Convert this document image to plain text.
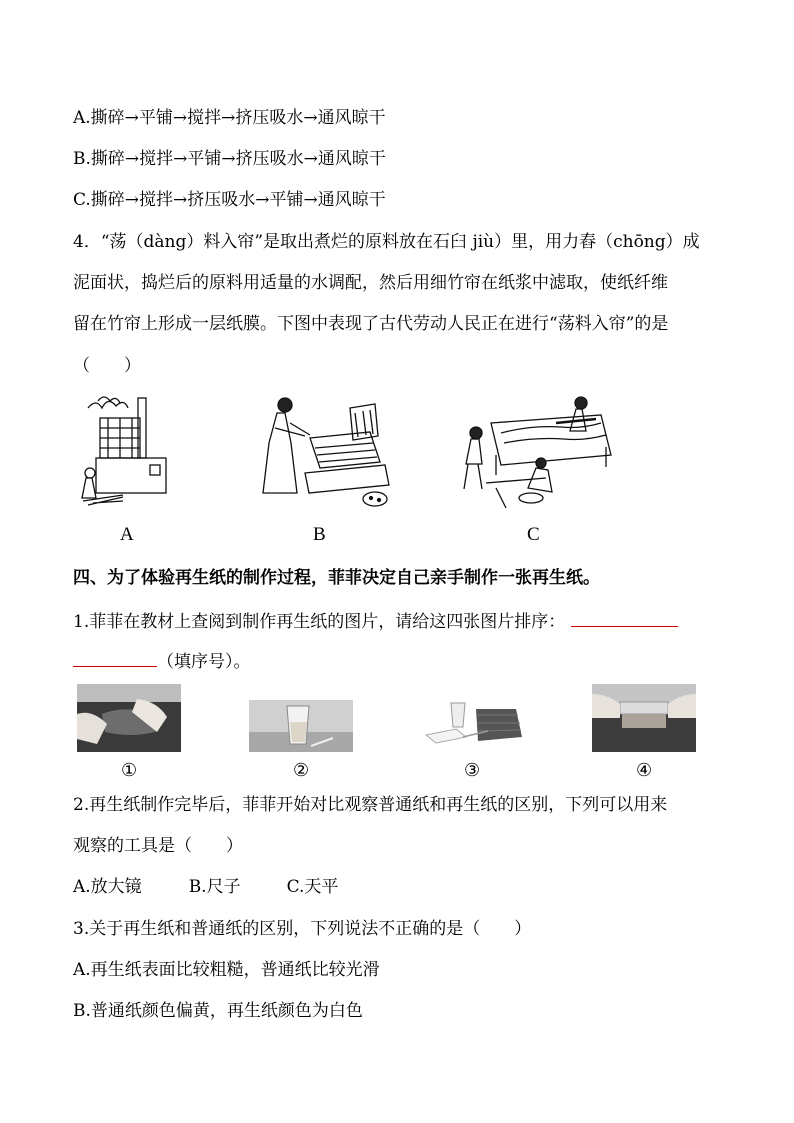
A.撕碎→平铺→搅拌→挤压吸水→通风晾干
B.撕碎→搅拌→平铺→挤压吸水→通风晾干
C.撕碎→搅拌→挤压吸水→平铺→通风晾干
4．“荡（dàng）料入帘”是取出煮烂的原料放在石臼 jiù）里，用力舂（chōng）成
泥面状，捣烂后的原料用适量的水调配，然后用细竹帘在纸浆中滤取，使纸纤维
留在竹帘上形成一层纸膜。下图中表现了古代劳动人民正在进行“荡料入帘”的是
（　　）
A	B	C
四、为了体验再生纸的制作过程，菲菲决定自己亲手制作一张再生纸。
1.菲菲在教材上查阅到制作再生纸的图片，请给这四张图片排序：
（填序号）。
①	②	③	④
2.再生纸制作完毕后，菲菲开始对比观察普通纸和再生纸的区别，下列可以用来
观察的工具是（　　）
A.放大镜	B.尺子	C.天平
3.关于再生纸和普通纸的区别，下列说法不正确的是（　　）
A.再生纸表面比较粗糙，普通纸比较光滑
B.普通纸颜色偏黄，再生纸颜色为白色
